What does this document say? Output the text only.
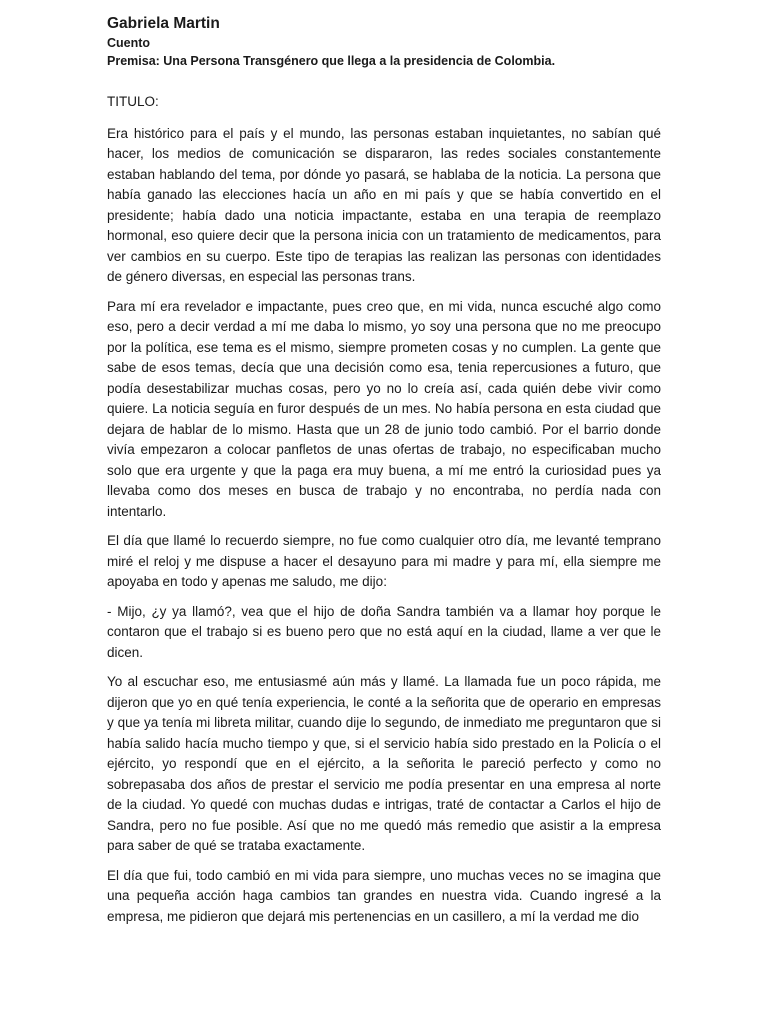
Gabriela Martin

Cuento

Premisa: Una Persona Transgénero que llega a la presidencia de Colombia.

TITULO:

Era histórico para el país y el mundo, las personas estaban inquietantes, no sabían qué hacer, los medios de comunicación se dispararon, las redes sociales constantemente estaban hablando del tema, por dónde yo pasará, se hablaba de la noticia. La persona que había ganado las elecciones hacía un año en mi país y que se había convertido en el presidente; había dado una noticia impactante, estaba en una terapia de reemplazo hormonal, eso quiere decir que la persona inicia con un tratamiento de medicamentos, para ver cambios en su cuerpo. Este tipo de terapias las realizan las personas con identidades de género diversas, en especial las personas trans.

Para mí era revelador e impactante, pues creo que, en mi vida, nunca escuché algo como eso, pero a decir verdad a mí me daba lo mismo, yo soy una persona que no me preocupo por la política, ese tema es el mismo, siempre prometen cosas y no cumplen. La gente que sabe de esos temas, decía que una decisión como esa, tenia repercusiones a futuro, que podía desestabilizar muchas cosas, pero yo no lo creía así, cada quién debe vivir como quiere. La noticia seguía en furor después de un mes. No había persona en esta ciudad que dejara de hablar de lo mismo. Hasta que un 28 de junio todo cambió. Por el barrio donde vivía empezaron a colocar panfletos de unas ofertas de trabajo, no especificaban mucho solo que era urgente y que la paga era muy buena, a mí me entró la curiosidad pues ya llevaba como dos meses en busca de trabajo y no encontraba, no perdía nada con intentarlo.

El día que llamé lo recuerdo siempre, no fue como cualquier otro día, me levanté temprano miré el reloj y me dispuse a hacer el desayuno para mi madre y para mí, ella siempre me apoyaba en todo y apenas me saludo, me dijo:

- Mijo, ¿y ya llamó?, vea que el hijo de doña Sandra también va a llamar hoy porque le contaron que el trabajo si es bueno pero que no está aquí en la ciudad, llame a ver que le dicen.

Yo al escuchar eso, me entusiasmé aún más y llamé. La llamada fue un poco rápida, me dijeron que yo en qué tenía experiencia, le conté a la señorita que de operario en empresas y que ya tenía mi libreta militar, cuando dije lo segundo, de inmediato me preguntaron que si había salido hacía mucho tiempo y que, si el servicio había sido prestado en la Policía o el ejército, yo respondí que en el ejército, a la señorita le pareció perfecto y como no sobrepasaba dos años de prestar el servicio me podía presentar en una empresa al norte de la ciudad. Yo quedé con muchas dudas e intrigas, traté de contactar a Carlos el hijo de Sandra, pero no fue posible. Así que no me quedó más remedio que asistir a la empresa para saber de qué se trataba exactamente.

El día que fui, todo cambió en mi vida para siempre, uno muchas veces no se imagina que una pequeña acción haga cambios tan grandes en nuestra vida. Cuando ingresé a la empresa, me pidieron que dejará mis pertenencias en un casillero, a mí la verdad me dio
